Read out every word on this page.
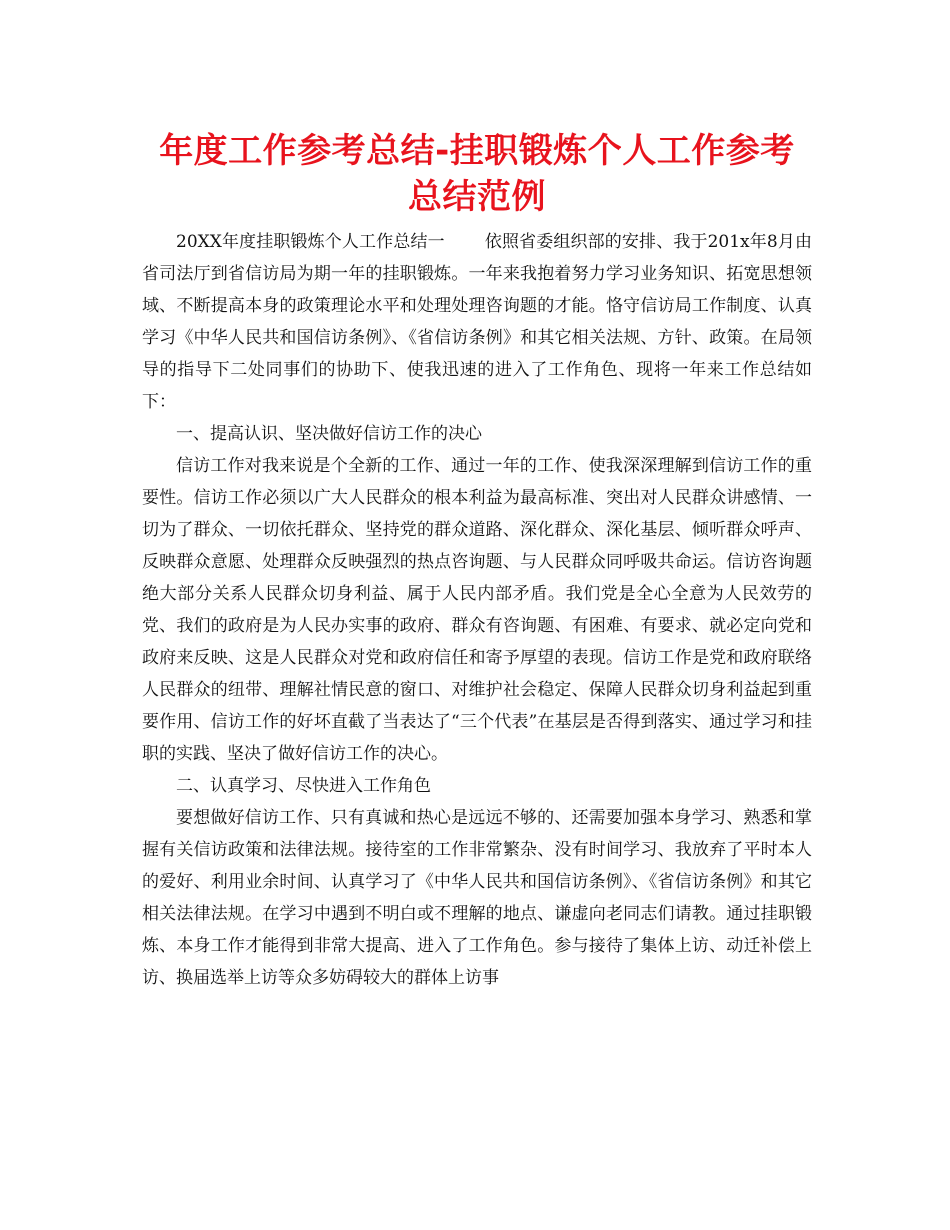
年度工作参考总结-挂职锻炼个人工作参考总结范例

20XX年度挂职锻炼个人工作总结一 依照省委组织部的安排、我于201x年8月由省司法厅到省信访局为期一年的挂职锻炼。一年来我抱着努力学习业务知识、拓宽思想领域、不断提高本身的政策理论水平和处理处理咨询题的才能。恪守信访局工作制度、认真学习《中华人民共和国信访条例》、《省信访条例》和其它相关法规、方针、政策。在局领导的指导下二处同事们的协助下、使我迅速的进入了工作角色、现将一年来工作总结如下：

一、提高认识、坚决做好信访工作的决心

信访工作对我来说是个全新的工作、通过一年的工作、使我深深理解到信访工作的重要性。信访工作必须以广大人民群众的根本利益为最高标准、突出对人民群众讲感情、一切为了群众、一切依托群众、坚持党的群众道路、深化群众、深化基层、倾听群众呼声、反映群众意愿、处理群众反映强烈的热点咨询题、与人民群众同呼吸共命运。信访咨询题绝大部分关系人民群众切身利益、属于人民内部矛盾。我们党是全心全意为人民效劳的党、我们的政府是为人民办实事的政府、群众有咨询题、有困难、有要求、就必定向党和政府来反映、这是人民群众对党和政府信任和寄予厚望的表现。信访工作是党和政府联络人民群众的纽带、理解社情民意的窗口、对维护社会稳定、保障人民群众切身利益起到重要作用、信访工作的好坏直截了当表达了“三个代表”在基层是否得到落实、通过学习和挂职的实践、坚决了做好信访工作的决心。

二、认真学习、尽快进入工作角色

要想做好信访工作、只有真诚和热心是远远不够的、还需要加强本身学习、熟悉和掌握有关信访政策和法律法规。接待室的工作非常繁杂、没有时间学习、我放弃了平时本人的爱好、利用业余时间、认真学习了《中华人民共和国信访条例》、《省信访条例》和其它相关法律法规。在学习中遇到不明白或不理解的地点、谦虚向老同志们请教。通过挂职锻炼、本身工作才能得到非常大提高、进入了工作角色。参与接待了集体上访、动迁补偿上访、换届选举上访等众多妨碍较大的群体上访事
